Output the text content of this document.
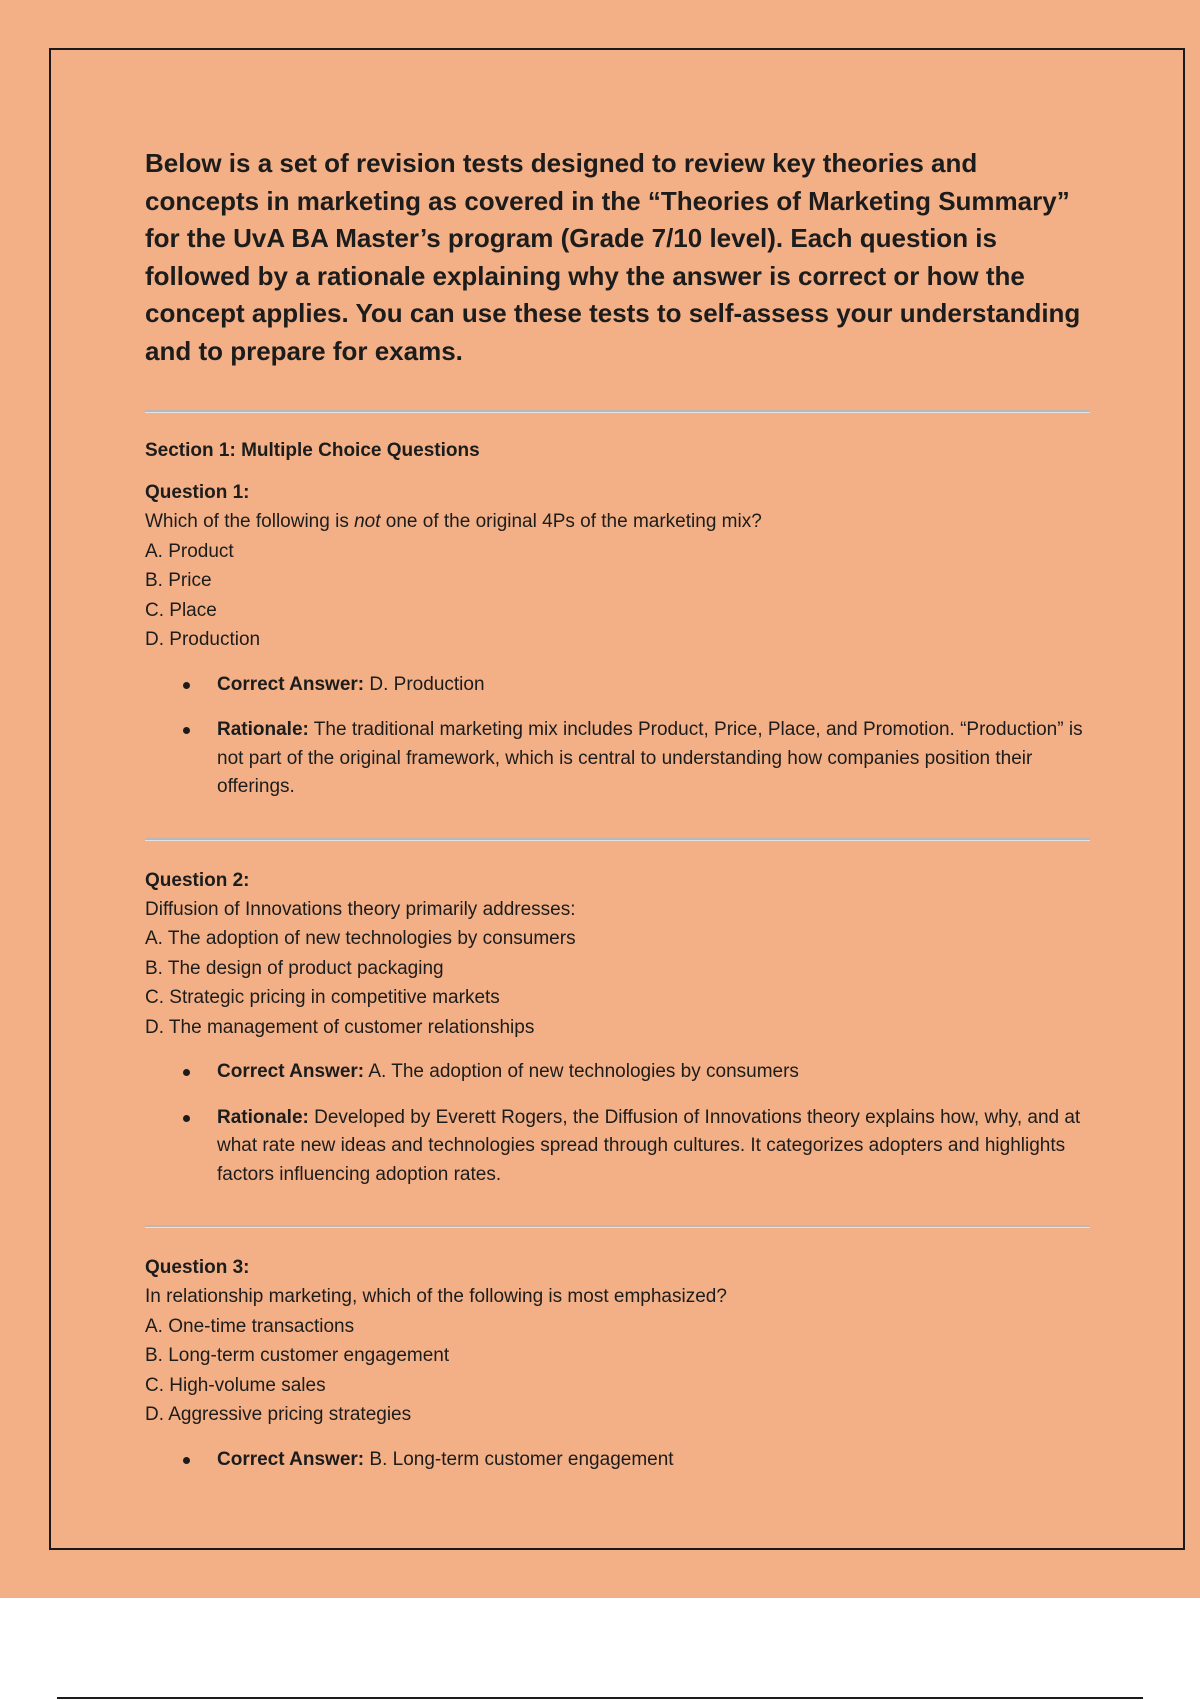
Below is a set of revision tests designed to review key theories and concepts in marketing as covered in the “Theories of Marketing Summary” for the UvA BA Master’s program (Grade 7/10 level). Each question is followed by a rationale explaining why the answer is correct or how the concept applies. You can use these tests to self-assess your understanding and to prepare for exams.

Section 1: Multiple Choice Questions

Question 1:

Which of the following is not one of the original 4Ps of the marketing mix?

A. Product

B. Price

C. Place

D. Production

Correct Answer: D. Production
Rationale: The traditional marketing mix includes Product, Price, Place, and Promotion. “Production” is not part of the original framework, which is central to understanding how companies position their offerings.

Question 2:

Diffusion of Innovations theory primarily addresses:

A. The adoption of new technologies by consumers

B. The design of product packaging

C. Strategic pricing in competitive markets

D. The management of customer relationships

Correct Answer: A. The adoption of new technologies by consumers
Rationale: Developed by Everett Rogers, the Diffusion of Innovations theory explains how, why, and at what rate new ideas and technologies spread through cultures. It categorizes adopters and highlights factors influencing adoption rates.

Question 3:

In relationship marketing, which of the following is most emphasized?

A. One-time transactions

B. Long-term customer engagement

C. High-volume sales

D. Aggressive pricing strategies

Correct Answer: B. Long-term customer engagement
